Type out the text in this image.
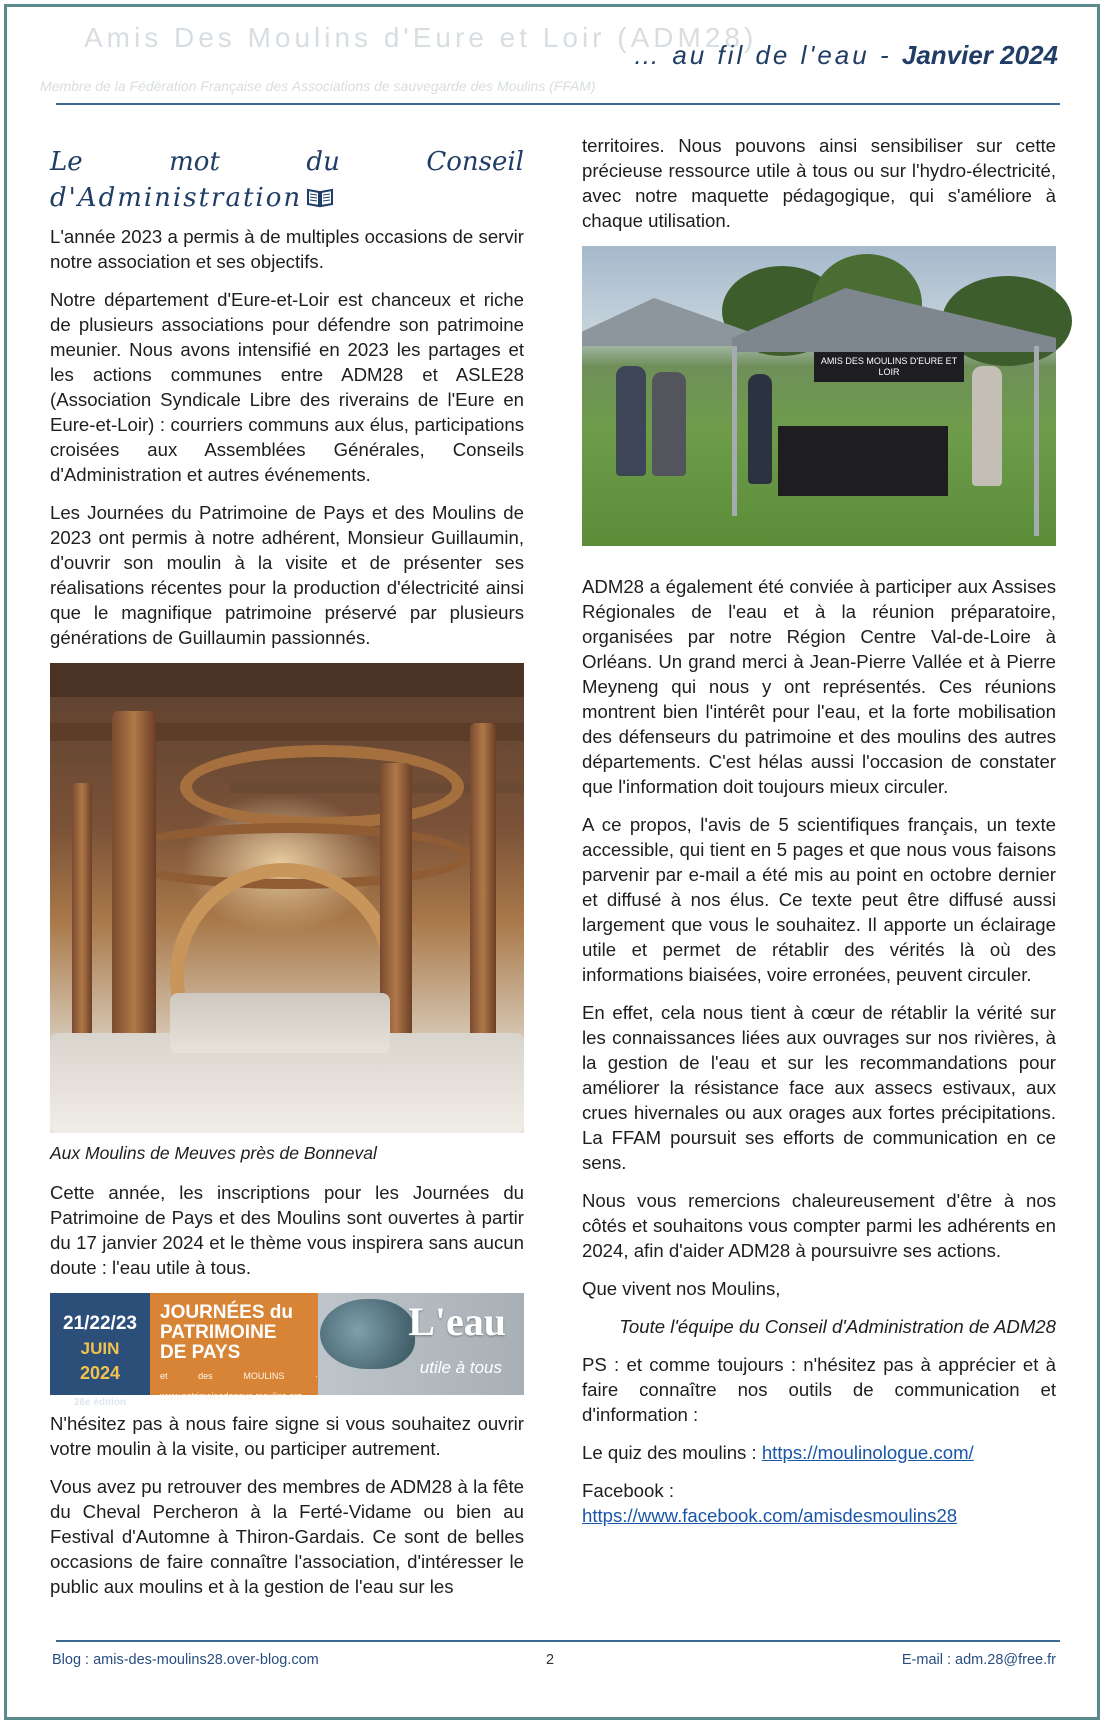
Amis Des Moulins d'Eure et Loir (ADM28)
Membre de la Fédération Française des Associations de sauvegarde des Moulins (FFAM)
… au fil de l'eau - Janvier 2024
Le	mot	du	Conseil
d'Administration

L'année 2023 a permis à de multiples occasions de servir notre association et ses objectifs.

Notre département d'Eure-et-Loir est chanceux et riche de plusieurs associations pour défendre son patrimoine meunier. Nous avons intensifié en 2023 les partages et les actions communes entre ADM28 et ASLE28 (Association Syndicale Libre des riverains de l'Eure en Eure-et-Loir) : courriers communs aux élus, participations croisées aux Assemblées Générales, Conseils d'Administration et autres événements.

Les Journées du Patrimoine de Pays et des Moulins de 2023 ont permis à notre adhérent, Monsieur Guillaumin, d'ouvrir son moulin à la visite et de présenter ses réalisations récentes pour la production d'électricité ainsi que le magnifique patrimoine préservé par plusieurs générations de Guillaumin passionnés.

Aux Moulins de Meuves près de Bonneval

Cette année, les inscriptions pour les Journées du Patrimoine de Pays et des Moulins sont ouvertes à partir du 17 janvier 2024 et le thème vous inspirera sans aucun doute : l'eau utile à tous.

21/22/23
JUIN
2024
26e édition
JOURNÉES du
PATRIMOINE
DE PAYS
et des MOULINS · www.patrimoinedepays-moulins.org
L'eau
utile à tous

N'hésitez pas à nous faire signe si vous souhaitez ouvrir votre moulin à la visite, ou participer autrement.

Vous avez pu retrouver des membres de ADM28 à la fête du Cheval Percheron à la Ferté-Vidame ou bien au Festival d'Automne à Thiron-Gardais. Ce sont de belles occasions de faire connaître l'association, d'intéresser le public aux moulins et à la gestion de l'eau sur les

territoires. Nous pouvons ainsi sensibiliser sur cette précieuse ressource utile à tous ou sur l'hydro-électricité, avec notre maquette pédagogique, qui s'améliore à chaque utilisation.

AMIS DES MOULINS D'EURE ET LOIR

ADM28 a également été conviée à participer aux Assises Régionales de l'eau et à la réunion préparatoire, organisées par notre Région Centre Val-de-Loire à Orléans. Un grand merci à Jean-Pierre Vallée et à Pierre Meyneng qui nous y ont représentés. Ces réunions montrent bien l'intérêt pour l'eau, et la forte mobilisation des défenseurs du patrimoine et des moulins des autres départements. C'est hélas aussi l'occasion de constater que l'information doit toujours mieux circuler.

A ce propos, l'avis de 5 scientifiques français, un texte accessible, qui tient en 5 pages et que nous vous faisons parvenir par e-mail a été mis au point en octobre dernier et diffusé à nos élus. Ce texte peut être diffusé aussi largement que vous le souhaitez. Il apporte un éclairage utile et permet de rétablir des vérités là où des informations biaisées, voire erronées, peuvent circuler.

En effet, cela nous tient à cœur de rétablir la vérité sur les connaissances liées aux ouvrages sur nos rivières, à la gestion de l'eau et sur les recommandations pour améliorer la résistance face aux assecs estivaux, aux crues hivernales ou aux orages aux fortes précipitations. La FFAM poursuit ses efforts de communication en ce sens.

Nous vous remercions chaleureusement d'être à nos côtés et souhaitons vous compter parmi les adhérents en 2024, afin d'aider ADM28 à poursuivre ses actions.

Que vivent nos Moulins,

Toute l'équipe du Conseil d'Administration de ADM28

PS : et comme toujours : n'hésitez pas à apprécier et à faire connaître nos outils de communication et d'information :

Le quiz des moulins : https://moulinologue.com/

Facebook :
https://www.facebook.com/amisdesmoulins28

Blog : amis-des-moulins28.over-blog.com	2	E-mail : adm.28@free.fr
